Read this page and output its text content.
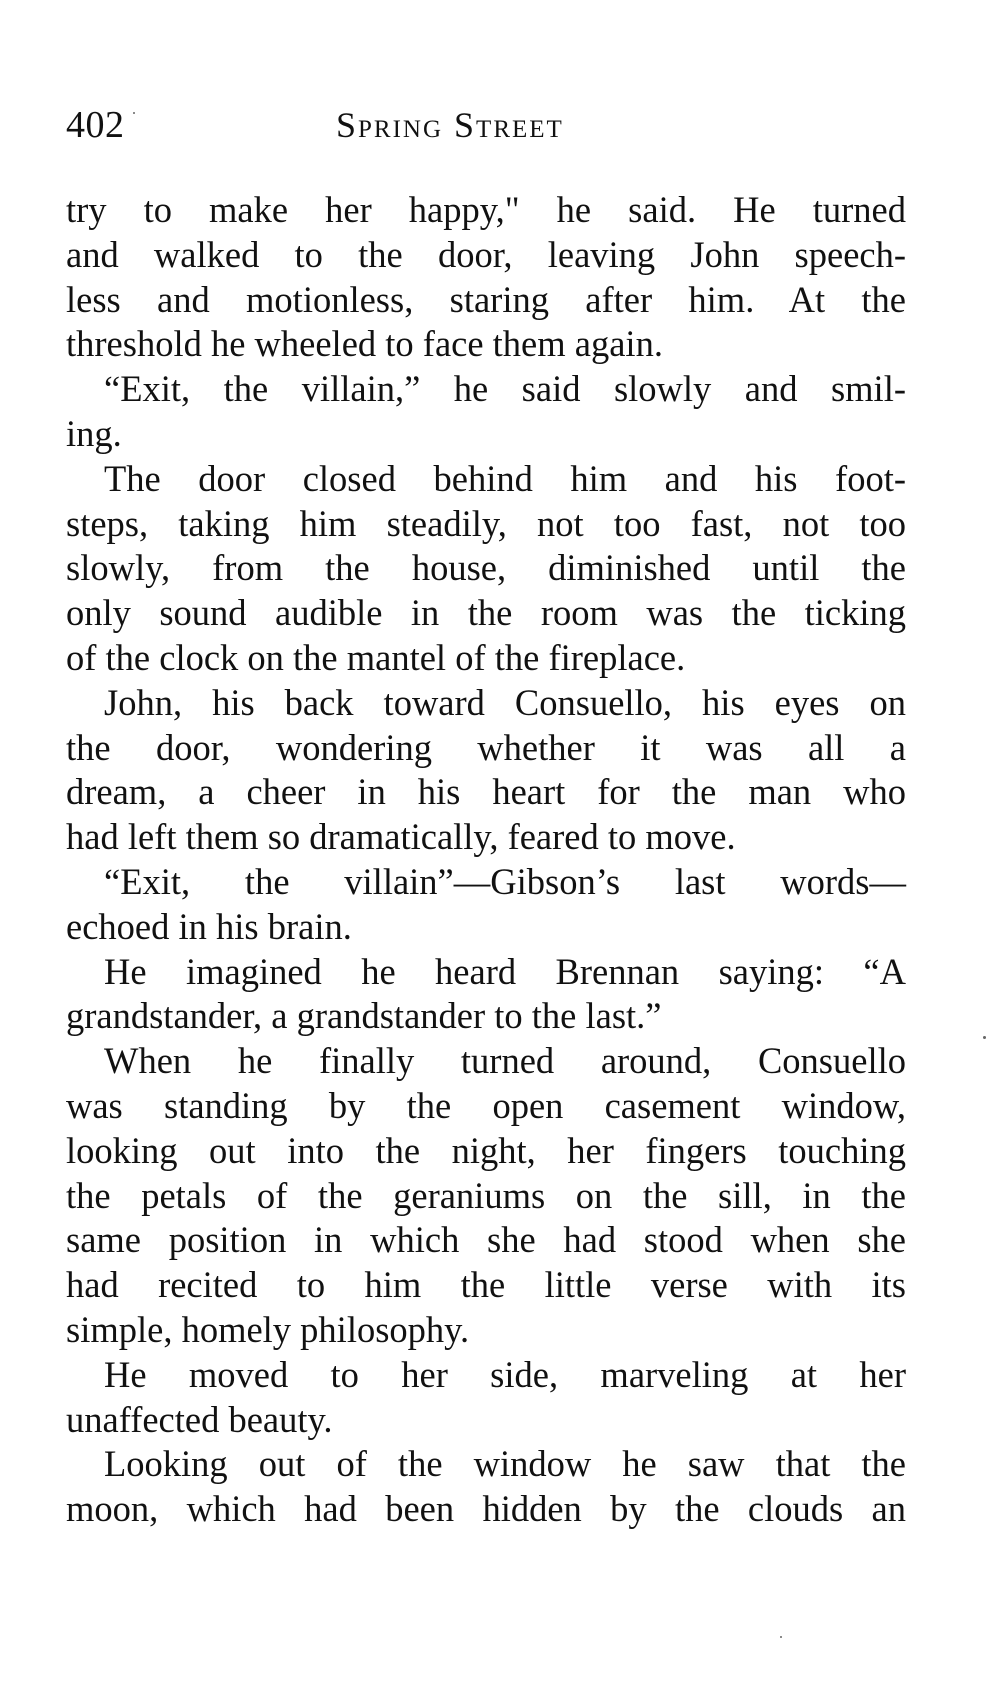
402	Spring Street
try to make her happy," he said. He turned
and walked to the door, leaving John speech-
less and motionless, staring after him. At the
threshold he wheeled to face them again.
“Exit, the villain,” he said slowly and smil-
ing.
The door closed behind him and his foot-
steps, taking him steadily, not too fast, not too
slowly, from the house, diminished until the
only sound audible in the room was the ticking
of the clock on the mantel of the fireplace.
John, his back toward Consuello, his eyes on
the door, wondering whether it was all a
dream, a cheer in his heart for the man who
had left them so dramatically, feared to move.
“Exit, the villain”—Gibson’s last words—
echoed in his brain.
He imagined he heard Brennan saying: “A
grandstander, a grandstander to the last.”
When he finally turned around, Consuello
was standing by the open casement window,
looking out into the night, her fingers touching
the petals of the geraniums on the sill, in the
same position in which she had stood when she
had recited to him the little verse with its
simple, homely philosophy.
He moved to her side, marveling at her
unaffected beauty.
Looking out of the window he saw that the
moon, which had been hidden by the clouds an
